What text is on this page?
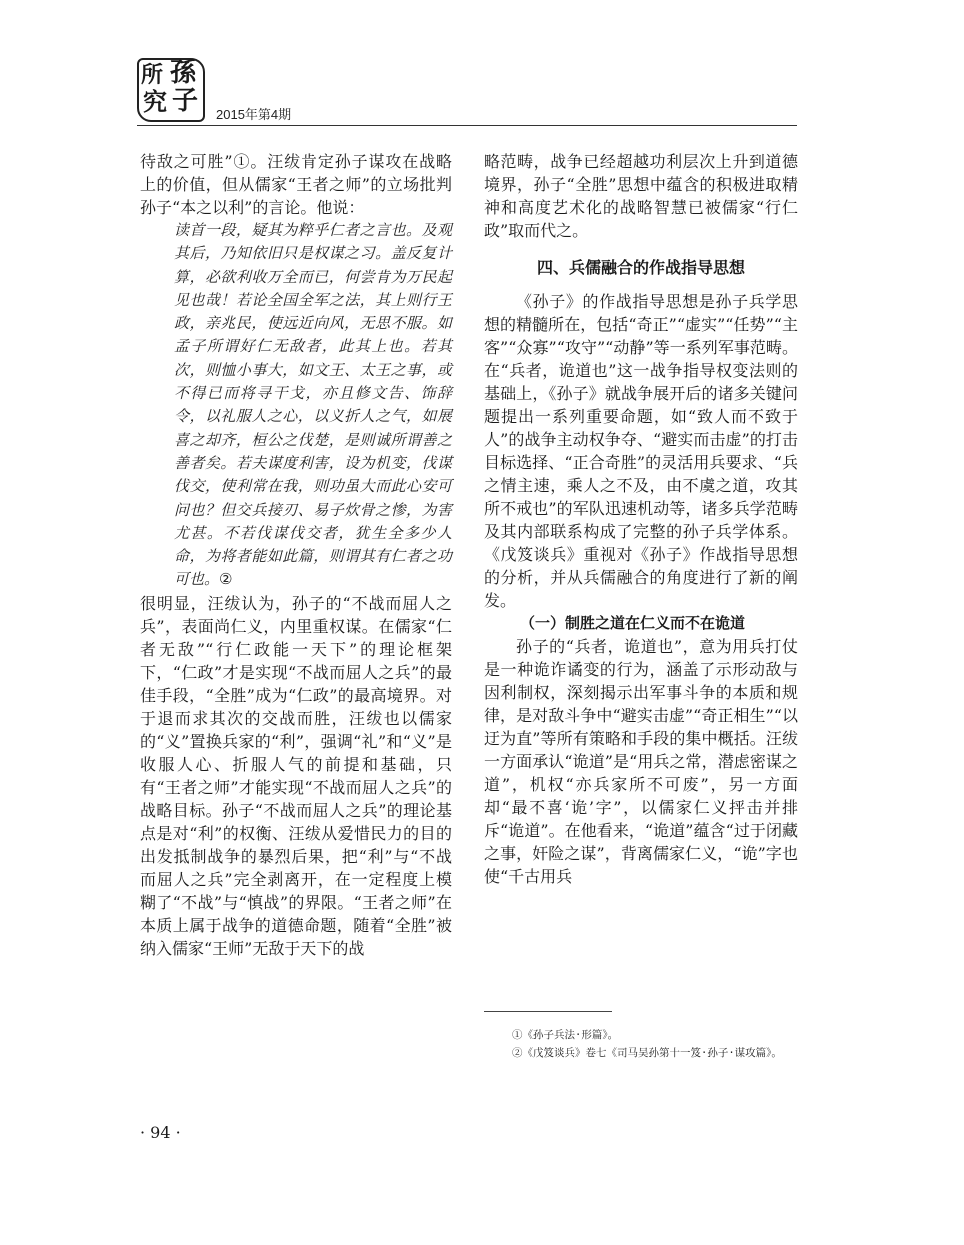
所 孫
究 子 2015年第4期

待敌之可胜”①。汪绂肯定孙子谋攻在战略上的价值，但从儒家“王者之师”的立场批判孙子“本之以利”的言论。他说：

读首一段，疑其为粹乎仁者之言也。及观其后，乃知依旧只是权谋之习。盖反复计算，必欲利收万全而已，何尝肯为万民起见也哉！若论全国全军之法，其上则行王政，亲兆民，使远近向风，无思不服。如孟子所谓好仁无敌者，此其上也。若其次，则恤小事大，如文王、太王之事，或不得已而将寻干戈，亦且修文告、饰辞令，以礼服人之心，以义折人之气，如展喜之却齐，桓公之伐楚，是则诚所谓善之善者矣。若夫谋度利害，设为机变，伐谋伐交，使利常在我，则功虽大而此心安可问也？但交兵接刃、易子炊骨之惨，为害尤甚。不若伐谋伐交者，犹生全多少人命，为将者能如此篇，则谓其有仁者之功可也。②

很明显，汪绂认为，孙子的“不战而屈人之兵”，表面尚仁义，内里重权谋。在儒家“仁者无敌”“行仁政能一天下”的理论框架下，“仁政”才是实现“不战而屈人之兵”的最佳手段，“全胜”成为“仁政”的最高境界。对于退而求其次的交战而胜，汪绂也以儒家的“义”置换兵家的“利”，强调“礼”和“义”是收服人心、折服人气的前提和基础，只有“王者之师”才能实现“不战而屈人之兵”的战略目标。孙子“不战而屈人之兵”的理论基点是对“利”的权衡、汪绂从爱惜民力的目的出发抵制战争的暴烈后果，把“利”与“不战而屈人之兵”完全剥离开，在一定程度上模糊了“不战”与“慎战”的界限。“王者之师”在本质上属于战争的道德命题，随着“全胜”被纳入儒家“王师”无敌于天下的战

略范畴，战争已经超越功利层次上升到道德境界，孙子“全胜”思想中蕴含的积极进取精神和高度艺术化的战略智慧已被儒家“行仁政”取而代之。

四、兵儒融合的作战指导思想

《孙子》的作战指导思想是孙子兵学思想的精髓所在，包括“奇正”“虚实”“任势”“主客”“众寡”“攻守”“动静”等一系列军事范畴。在“兵者，诡道也”这一战争指导权变法则的基础上，《孙子》就战争展开后的诸多关键问题提出一系列重要命题，如“致人而不致于人”的战争主动权争夺、“避实而击虚”的打击目标选择、“正合奇胜”的灵活用兵要求、“兵之情主速，乘人之不及，由不虞之道，攻其所不戒也”的军队迅速机动等，诸多兵学范畴及其内部联系构成了完整的孙子兵学体系。《戊笈谈兵》重视对《孙子》作战指导思想的分析，并从兵儒融合的角度进行了新的阐发。

（一）制胜之道在仁义而不在诡道

孙子的“兵者，诡道也”，意为用兵打仗是一种诡诈谲变的行为，涵盖了示形动敌与因利制权，深刻揭示出军事斗争的本质和规律，是对敌斗争中“避实击虚”“奇正相生”“以迂为直”等所有策略和手段的集中概括。汪绂一方面承认“诡道”是“用兵之常，潜虑密谋之道”，机权“亦兵家所不可废”，另一方面却“最不喜‘诡’字”，以儒家仁义抨击并排斥“诡道”。在他看来，“诡道”蕴含“过于闭藏之事，奸险之谋”，背离儒家仁义，“诡”字也使“千古用兵

①《孙子兵法·形篇》。

②《戊笈谈兵》卷七《司马吴孙第十一笈·孙子·谋攻篇》。

· 94 ·
